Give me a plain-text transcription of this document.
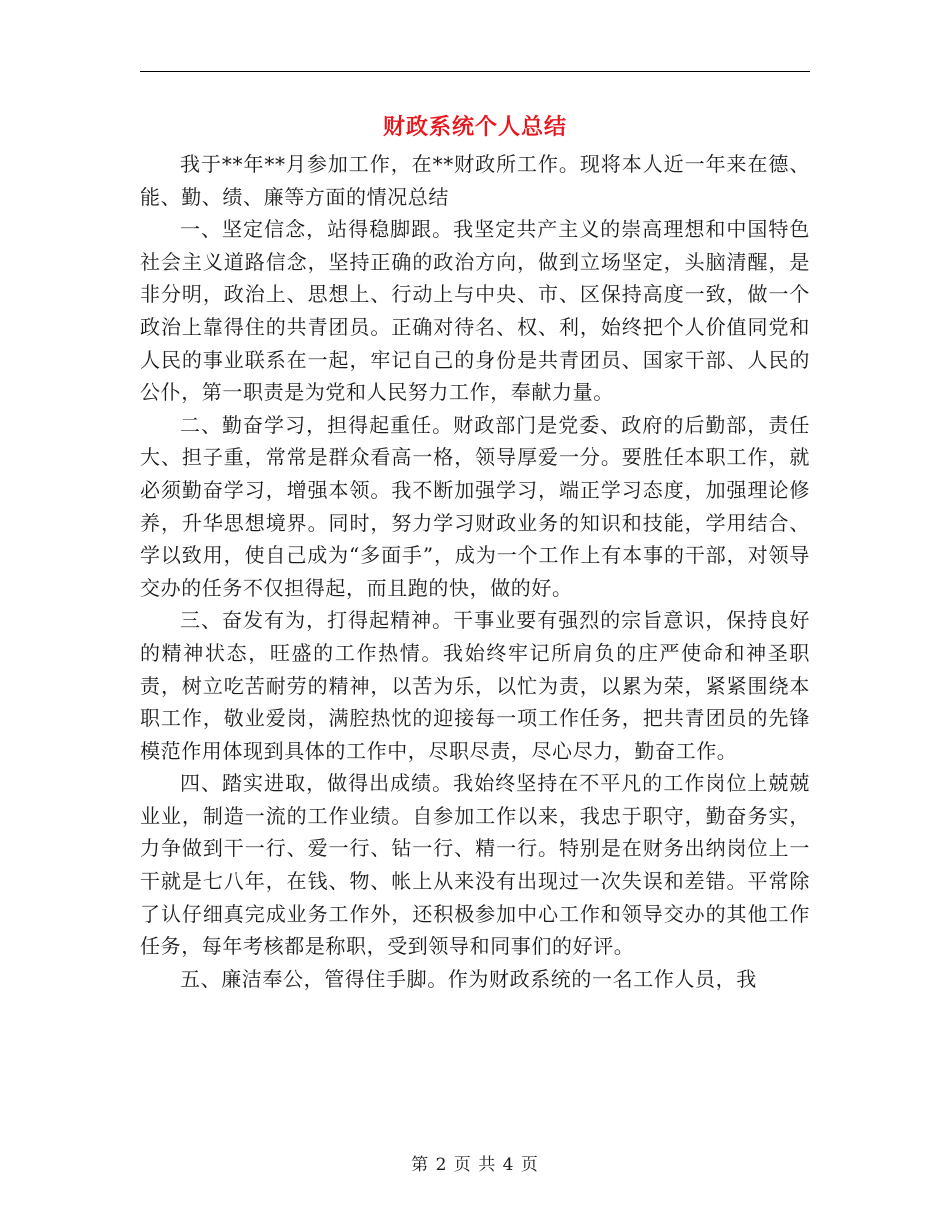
财政系统个人总结

我于**年**月参加工作，在**财政所工作。现将本人近一年来在德、能、勤、绩、廉等方面的情况总结

一、坚定信念，站得稳脚跟。我坚定共产主义的崇高理想和中国特色社会主义道路信念，坚持正确的政治方向，做到立场坚定，头脑清醒，是非分明，政治上、思想上、行动上与中央、市、区保持高度一致，做一个政治上靠得住的共青团员。正确对待名、权、利，始终把个人价值同党和人民的事业联系在一起，牢记自己的身份是共青团员、国家干部、人民的公仆，第一职责是为党和人民努力工作，奉献力量。

二、勤奋学习，担得起重任。财政部门是党委、政府的后勤部，责任大、担子重，常常是群众看高一格，领导厚爱一分。要胜任本职工作，就必须勤奋学习，增强本领。我不断加强学习，端正学习态度，加强理论修养，升华思想境界。同时，努力学习财政业务的知识和技能，学用结合、学以致用，使自己成为“多面手”，成为一个工作上有本事的干部，对领导交办的任务不仅担得起，而且跑的快，做的好。

三、奋发有为，打得起精神。干事业要有强烈的宗旨意识，保持良好的精神状态，旺盛的工作热情。我始终牢记所肩负的庄严使命和神圣职责，树立吃苦耐劳的精神，以苦为乐，以忙为责，以累为荣，紧紧围绕本职工作，敬业爱岗，满腔热忱的迎接每一项工作任务，把共青团员的先锋模范作用体现到具体的工作中，尽职尽责，尽心尽力，勤奋工作。

四、踏实进取，做得出成绩。我始终坚持在不平凡的工作岗位上兢兢业业，制造一流的工作业绩。自参加工作以来，我忠于职守，勤奋务实，力争做到干一行、爱一行、钻一行、精一行。特别是在财务出纳岗位上一干就是七八年，在钱、物、帐上从来没有出现过一次失误和差错。平常除了认仔细真完成业务工作外，还积极参加中心工作和领导交办的其他工作任务，每年考核都是称职，受到领导和同事们的好评。

五、廉洁奉公，管得住手脚。作为财政系统的一名工作人员，我

第 2 页 共 4 页
